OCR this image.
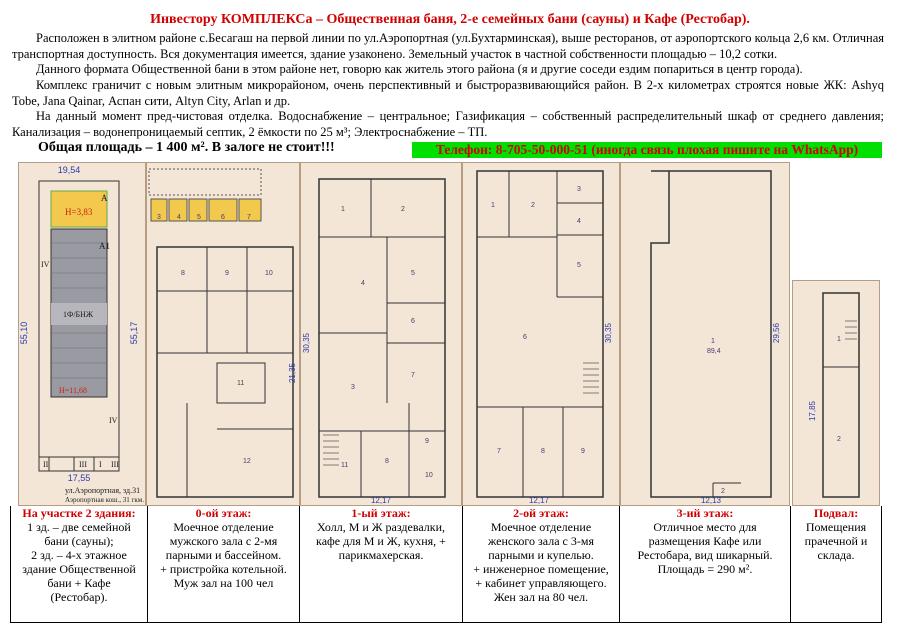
Инвестору КОМПЛЕКСа – Общественная баня, 2-е семейных бани (сауны) и Кафе (Рестобар).
Расположен в элитном районе с.Бесагаш на первой линии по ул.Аэропортная (ул.Бухтарминская), выше ресторанов, от аэропортского кольца 2,6 км. Отличная транспортная доступность. Вся документация имеется, здание узаконено. Земельный участок в частной собственности площадью – 10,2 сотки.
Данного формата Общественной бани в этом районе нет, говорю как житель этого района (я и другие соседи ездим попариться в центр города).
Комплекс граничит с новым элитным микрорайоном, очень перспективный и быстроразвивающийся район. В 2-х километрах строятся новые ЖК: Ashyq Tobe, Jana Qainar, Аспан сити, Altyn City, Arlan и др.
На данный момент пред-чистовая отделка. Водоснабжение – центральное; Газификация – собственный распределительный шкаф от среднего давления; Канализация – водонепроницаемый септик, 2 ёмкости по 25 м³; Электроснабжение – ТП.
Общая площадь – 1 400 м². В залоге не стоит!!!	Телефон: 8-705-50-000-51 (иногда связь плохая пишите на WhatsApp)
19,54
55,10	55,17
17,55
А
А1
Н=3,83
1Ф/БНЖ
Н=11,68
IV
II	III I
IV
III
ул.Аэропортная, зд.31
Аэропортная кош., 31 гкм.
3 4 5	6	7
8	9	10
11
12
21,35
1	2
3
4
5
6
7
8
9
10
11
30,35
12,17
1	2
3
4
5
6
7	8	9
30,35
12,17
1
89,4
2
12,13
29,56	1
2
17,85
На участке 2 здания:
1 зд. – две семейной
бани (сауны);
2 зд. – 4-х этажное
здание Общественной
бани + Кафе
(Рестобар).
0-ой этаж:
Моечное отделение
мужского зала с 2-мя
парными и бассейном.
+ пристройка котельной.
Муж зал на 100 чел
1-ый этаж:
Холл, М и Ж раздевалки,
кафе для М и Ж, кухня, +
парикмахерская.
2-ой этаж:
Моечное отделение
женского зала с 3-мя
парными и купелью.
+ инженерное помещение,
+ кабинет управляющего.
Жен зал на 80 чел.
3-ий этаж:
Отличное место для
размещения Кафе или
Рестобара, вид шикарный.
Площадь = 290 м².
Подвал:
Помещения
прачечной и
склада.
